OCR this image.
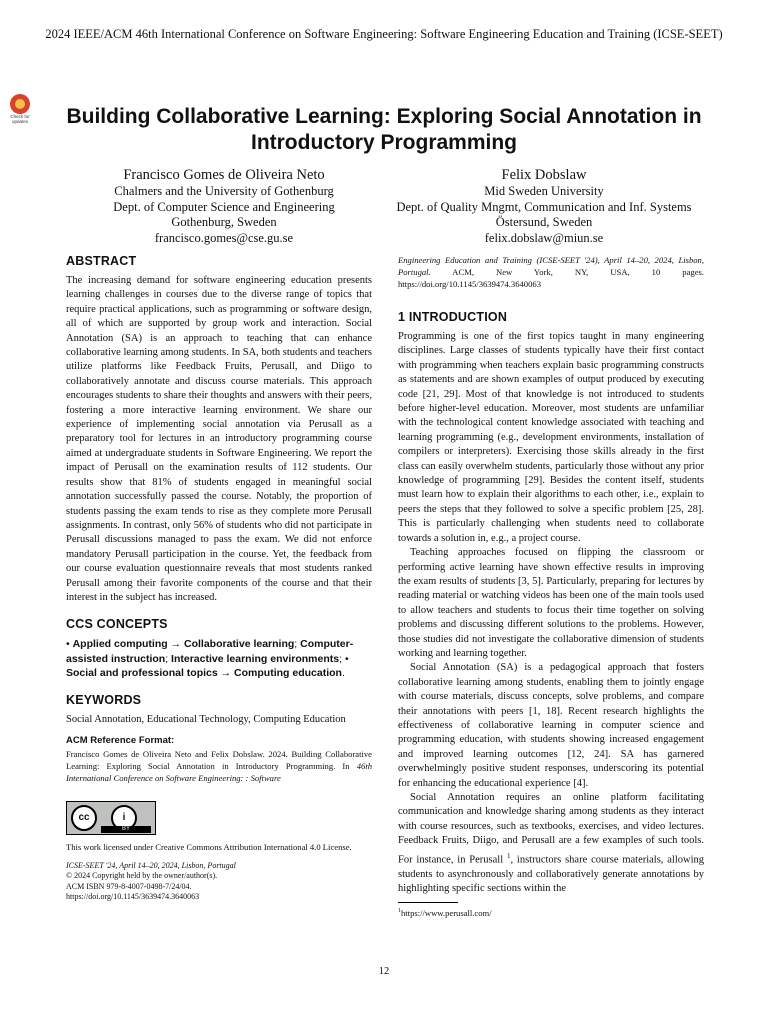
2024 IEEE/ACM 46th International Conference on Software Engineering: Software Engineering Education and Training (ICSE-SEET)
Check for updates	Building Collaborative Learning: Exploring Social Annotation in Introductory Programming
Francisco Gomes de Oliveira Neto
Chalmers and the University of Gothenburg
Dept. of Computer Science and Engineering
Gothenburg, Sweden
francisco.gomes@cse.gu.se
Felix Dobslaw
Mid Sweden University
Dept. of Quality Mngmt, Communication and Inf. Systems
Östersund, Sweden
felix.dobslaw@miun.se
ABSTRACT

The increasing demand for software engineering education presents learning challenges in courses due to the diverse range of topics that require practical applications, such as programming or software design, all of which are supported by group work and interaction. Social Annotation (SA) is an approach to teaching that can enhance collaborative learning among students. In SA, both students and teachers utilize platforms like Feedback Fruits, Perusall, and Diigo to collaboratively annotate and discuss course materials. This approach encourages students to share their thoughts and answers with their peers, fostering a more interactive learning environment. We share our experience of implementing social annotation via Perusall as a preparatory tool for lectures in an introductory programming course aimed at undergraduate students in Software Engineering. We report the impact of Perusall on the examination results of 112 students. Our results show that 81% of students engaged in meaningful social annotation successfully passed the course. Notably, the proportion of students passing the exam tends to rise as they complete more Perusall assignments. In contrast, only 56% of students who did not participate in Perusall discussions managed to pass the exam. We did not enforce mandatory Perusall participation in the course. Yet, the feedback from our course evaluation questionnaire reveals that most students ranked Perusall among their favorite components of the course and that their interest in the subject has increased.

CCS CONCEPTS

• Applied computing → Collaborative learning; Computer-assisted instruction; Interactive learning environments; • Social and professional topics → Computing education.

KEYWORDS

Social Annotation, Educational Technology, Computing Education

ACM Reference Format:

Francisco Gomes de Oliveira Neto and Felix Dobslaw. 2024. Building Collaborative Learning: Exploring Social Annotation in Introductory Programming. In 46th International Conference on Software Engineering: : Software

cc	i
BY

This work licensed under Creative Commons Attribution International 4.0 License.

ICSE-SEET '24, April 14–20, 2024, Lisbon, Portugal
© 2024 Copyright held by the owner/author(s).
ACM ISBN 979-8-4007-0498-7/24/04.
https://doi.org/10.1145/3639474.3640063

Engineering Education and Training (ICSE-SEET '24), April 14–20, 2024, Lisbon, Portugal.	ACM, New York, NY, USA, 10 pages. https://doi.org/10.1145/3639474.3640063

1 INTRODUCTION

Programming is one of the first topics taught in many engineering disciplines. Large classes of students typically have their first contact with programming when teachers explain basic programming constructs as statements and are shown examples of output produced by executing code [21, 29]. Most of that knowledge is not introduced to students before higher-level education. Moreover, most students are unfamiliar with the technological content knowledge associated with teaching and learning programming (e.g., development environments, installation of compilers or interpreters). Exercising those skills already in the first class can easily overwhelm students, particularly those without any prior knowledge of programming [29]. Besides the content itself, students must learn how to explain their algorithms to each other, i.e., explain to peers the steps that they followed to solve a specific problem [25, 28]. This is particularly challenging when students need to collaborate towards a solution in, e.g., a project course.

Teaching approaches focused on flipping the classroom or performing active learning have shown effective results in improving the exam results of students [3, 5]. Particularly, preparing for lectures by reading material or watching videos has been one of the main tools used to allow teachers and students to focus their time together on solving problems and discussing different solutions to the problems. However, those studies did not investigate the collaborative dimension of students working and learning together.

Social Annotation (SA) is a pedagogical approach that fosters collaborative learning among students, enabling them to jointly engage with course materials, discuss concepts, solve problems, and compare their annotations with peers [1, 18]. Recent research highlights the effectiveness of collaborative learning in computer science and programming education, with students showing increased engagement and improved learning outcomes [12, 24]. SA has garnered overwhelmingly positive student responses, underscoring its potential for enhancing the educational experience [4].

Social Annotation requires an online platform facilitating communication and knowledge sharing among students as they interact with course resources, such as textbooks, exercises, and video lectures. Feedback Fruits, Diigo, and Perusall are a few examples of such tools. For instance, in Perusall $^1$, instructors share course materials, allowing students to asynchronously and collaboratively generate annotations by highlighting specific sections within the

$^1$https://www.perusall.com/

12
